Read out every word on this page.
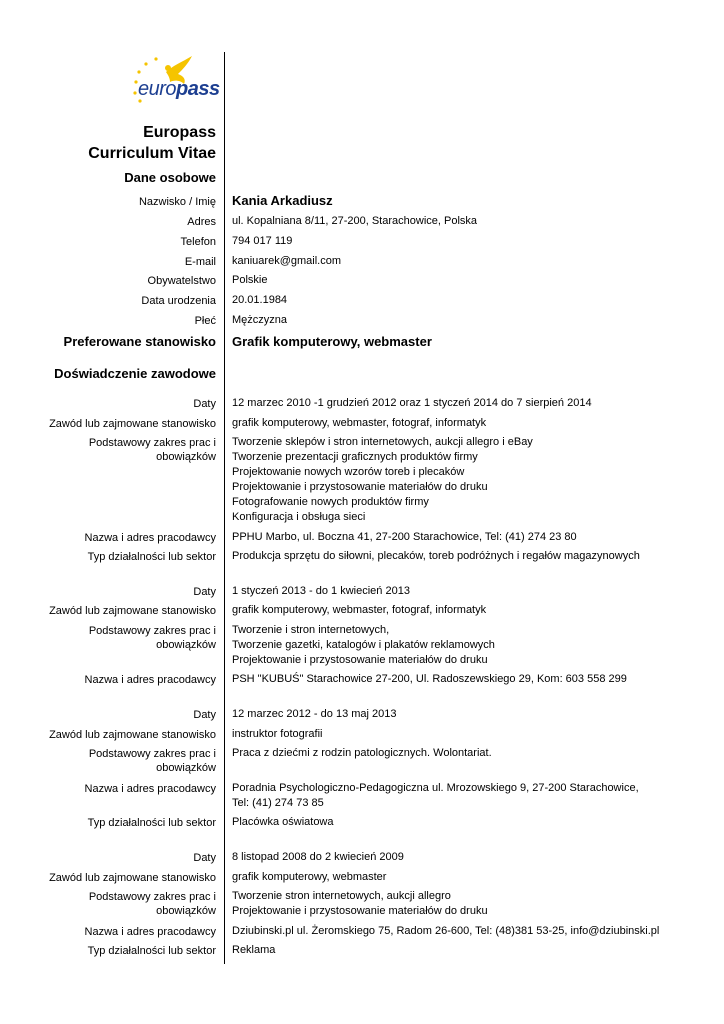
europass
Europass
Curriculum Vitae
Dane osobowe
Nazwisko / Imię Kania Arkadiusz
Adres ul. Kopalniana 8/11, 27-200, Starachowice, Polska
Telefon 794 017 119
E-mail kaniuarek@gmail.com
Obywatelstwo Polskie
Data urodzenia 20.01.1984
Płeć Mężczyzna
Preferowane stanowisko Grafik komputerowy, webmaster
Doświadczenie zawodowe
Daty 12 marzec 2010 -1 grudzień 2012 oraz 1 styczeń 2014 do 7 sierpień 2014
Zawód lub zajmowane stanowisko grafik komputerowy, webmaster, fotograf, informatyk
Podstawowy zakres prac i
obowiązków
Tworzenie sklepów i stron internetowych, aukcji allegro i eBay
Tworzenie prezentacji graficznych produktów firmy
Projektowanie nowych wzorów toreb i plecaków
Projektowanie i przystosowanie materiałów do druku
Fotografowanie nowych produktów firmy
Konfiguracja i obsługa sieci
Nazwa i adres pracodawcy PPHU Marbo, ul. Boczna 41, 27-200 Starachowice, Tel: (41) 274 23 80
Typ działalności lub sektor Produkcja sprzętu do siłowni, plecaków, toreb podróżnych i regałów magazynowych
Daty 1 styczeń 2013 - do 1 kwiecień 2013
Zawód lub zajmowane stanowisko grafik komputerowy, webmaster, fotograf, informatyk
Podstawowy zakres prac i
obowiązków
Tworzenie i stron internetowych,
Tworzenie gazetki, katalogów i plakatów reklamowych
Projektowanie i przystosowanie materiałów do druku
Nazwa i adres pracodawcy PSH "KUBUŚ" Starachowice 27-200, Ul. Radoszewskiego 29, Kom: 603 558 299
Daty 12 marzec 2012 - do 13 maj 2013
Zawód lub zajmowane stanowisko instruktor fotografii
Podstawowy zakres prac i
obowiązków
Praca z dziećmi z rodzin patologicznych. Wolontariat.
Nazwa i adres pracodawcy Poradnia Psychologiczno-Pedagogiczna ul. Mrozowskiego 9, 27-200 Starachowice,
Tel: (41) 274 73 85
Typ działalności lub sektor Placówka oświatowa
Daty 8 listopad 2008 do 2 kwiecień 2009
Zawód lub zajmowane stanowisko grafik komputerowy, webmaster
Podstawowy zakres prac i
obowiązków
Tworzenie stron internetowych, aukcji allegro
Projektowanie i przystosowanie materiałów do druku
Nazwa i adres pracodawcy Dziubinski.pl ul. Żeromskiego 75, Radom 26-600, Tel: (48)381 53-25, info@dziubinski.pl
Typ działalności lub sektor Reklama
